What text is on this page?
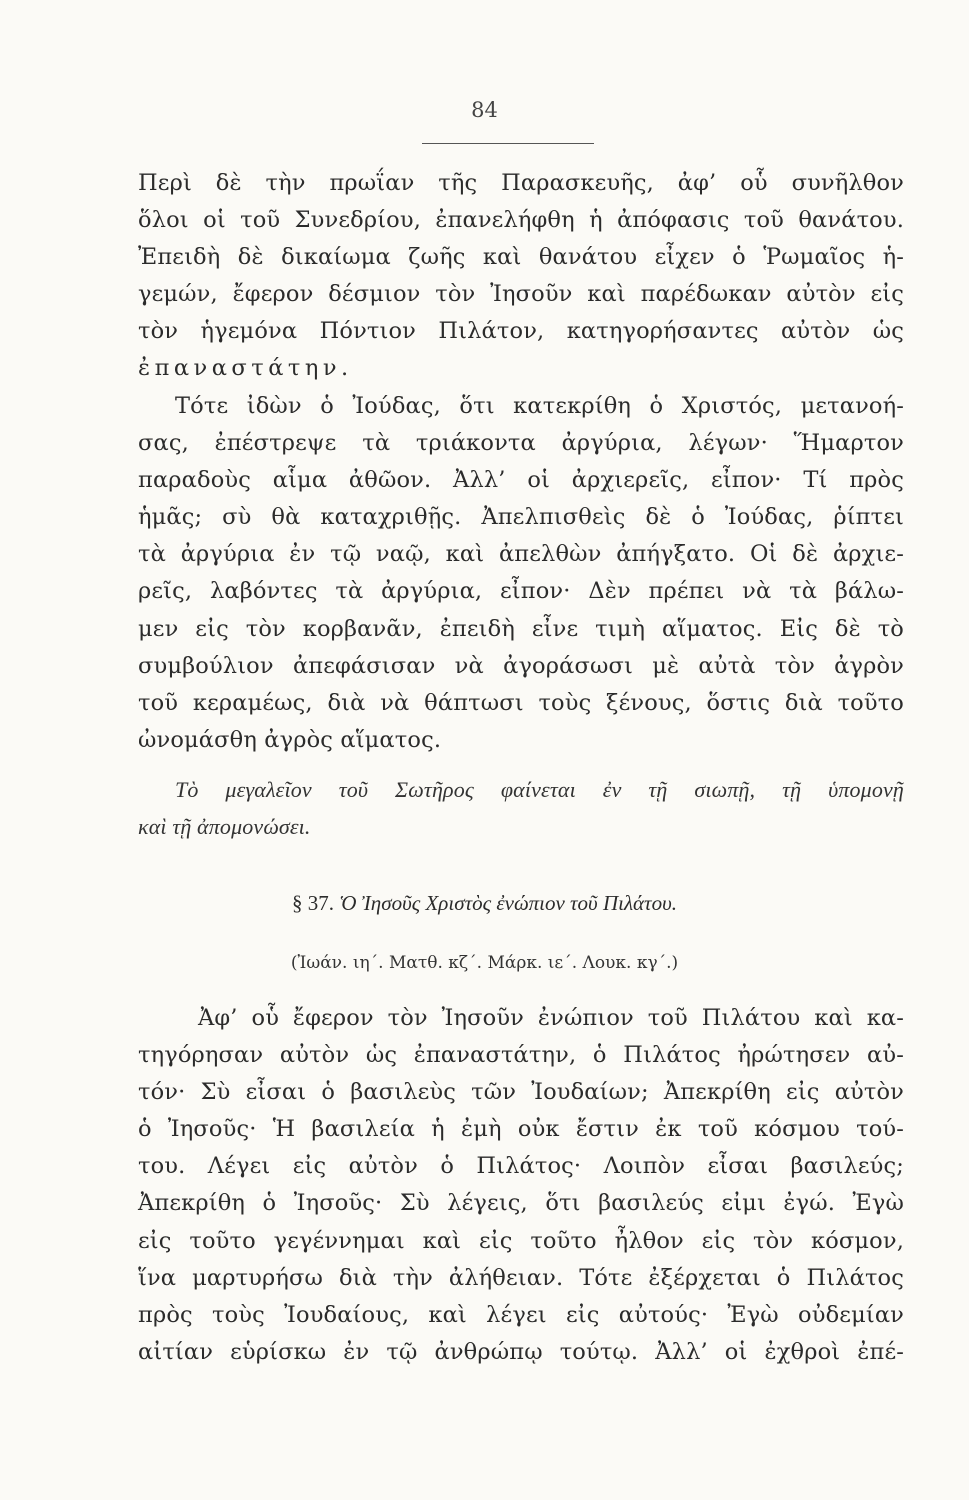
84
Περὶ δὲ τὴν πρωΐαν τῆς Παρασκευῆς, ἀφ’ οὗ συνῆλθον
ὅλοι οἱ τοῦ Συνεδρίου, ἐπανελήφθη ἡ ἀπόφασις τοῦ θανάτου.
Ἐπειδὴ δὲ δικαίωμα ζωῆς καὶ θανάτου εἶχεν ὁ Ῥωμαῖος ἡ-
γεμών, ἔφερον δέσμιον τὸν Ἰησοῦν καὶ παρέδωκαν αὐτὸν εἰς
τὸν ἡγεμόνα Πόντιον Πιλάτον, κατηγορήσαντες αὐτὸν ὡς
ἐπαναστάτην.
Τότε ἰδὼν ὁ Ἰούδας, ὅτι κατεκρίθη ὁ Χριστός, μετανοή-
σας, ἐπέστρεψε τὰ τριάκοντα ἀργύρια, λέγων· Ἥμαρτον
παραδοὺς αἷμα ἀθῶον. Ἀλλ’ οἱ ἀρχιερεῖς, εἶπον· Τί πρὸς
ἡμᾶς; σὺ θὰ καταχριθῇς. Ἀπελπισθεὶς δὲ ὁ Ἰούδας, ῥίπτει
τὰ ἀργύρια ἐν τῷ ναῷ, καὶ ἀπελθὼν ἀπήγξατο. Οἱ δὲ ἀρχιε-
ρεῖς, λαβόντες τὰ ἀργύρια, εἶπον· Δὲν πρέπει νὰ τὰ βάλω-
μεν εἰς τὸν κορβανᾶν, ἐπειδὴ εἶνε τιμὴ αἵματος. Εἰς δὲ τὸ
συμβούλιον ἀπεφάσισαν νὰ ἀγοράσωσι μὲ αὐτὰ τὸν ἀγρὸν
τοῦ κεραμέως, διὰ νὰ θάπτωσι τοὺς ξένους, ὅστις διὰ τοῦτο
ὠνομάσθη ἀγρὸς αἵματος.
Τὸ μεγαλεῖον τοῦ Σωτῆρος φαίνεται ἐν τῇ σιωπῇ, τῇ ὑπομονῇ
καὶ τῇ ἀπομονώσει.
§ 37. Ὁ Ἰησοῦς Χριστὸς ἐνώπιον τοῦ Πιλάτου.
(Ἰωάν. ιη΄. Ματθ. κζ΄. Μάρκ. ιε΄. Λουκ. κγ΄.)
Ἀφ’ οὗ ἔφερον τὸν Ἰησοῦν ἐνώπιον τοῦ Πιλάτου καὶ κα-
τηγόρησαν αὐτὸν ὡς ἐπαναστάτην, ὁ Πιλάτος ἠρώτησεν αὐ-
τόν· Σὺ εἶσαι ὁ βασιλεὺς τῶν Ἰουδαίων; Ἀπεκρίθη εἰς αὐτὸν
ὁ Ἰησοῦς· Ἡ βασιλεία ἡ ἐμὴ οὐκ ἔστιν ἐκ τοῦ κόσμου τού-
του. Λέγει εἰς αὐτὸν ὁ Πιλάτος· Λοιπὸν εἶσαι βασιλεύς;
Ἀπεκρίθη ὁ Ἰησοῦς· Σὺ λέγεις, ὅτι βασιλεύς εἰμι ἐγώ. Ἐγὼ
εἰς τοῦτο γεγέννημαι καὶ εἰς τοῦτο ἦλθον εἰς τὸν κόσμον,
ἵνα μαρτυρήσω διὰ τὴν ἀλήθειαν. Τότε ἐξέρχεται ὁ Πιλάτος
πρὸς τοὺς Ἰουδαίους, καὶ λέγει εἰς αὐτούς· Ἐγὼ οὐδεμίαν
αἰτίαν εὑρίσκω ἐν τῷ ἀνθρώπῳ τούτῳ. Ἀλλ’ οἱ ἐχθροὶ ἐπέ-
